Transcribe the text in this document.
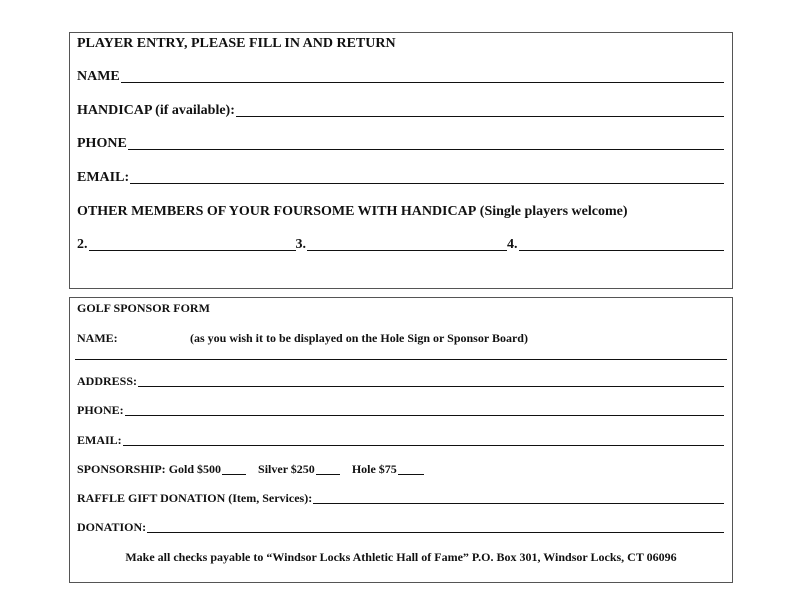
PLAYER ENTRY, PLEASE FILL IN AND RETURN
NAME
HANDICAP (if available):
PHONE
EMAIL:
OTHER MEMBERS OF YOUR FOURSOME WITH HANDICAP
(Single players welcome)
2.	3.	4.
GOLF SPONSOR FORM
NAME:	(as you wish it to be displayed on the Hole Sign or Sponsor Board)
ADDRESS:
PHONE:
EMAIL:
SPONSORSHIP:
Gold $500	Silver $250	Hole $75
RAFFLE GIFT DONATION (Item, Services):
DONATION:
Make all checks payable to “Windsor Locks Athletic Hall of Fame” P.O. Box 301, Windsor Locks, CT 06096
